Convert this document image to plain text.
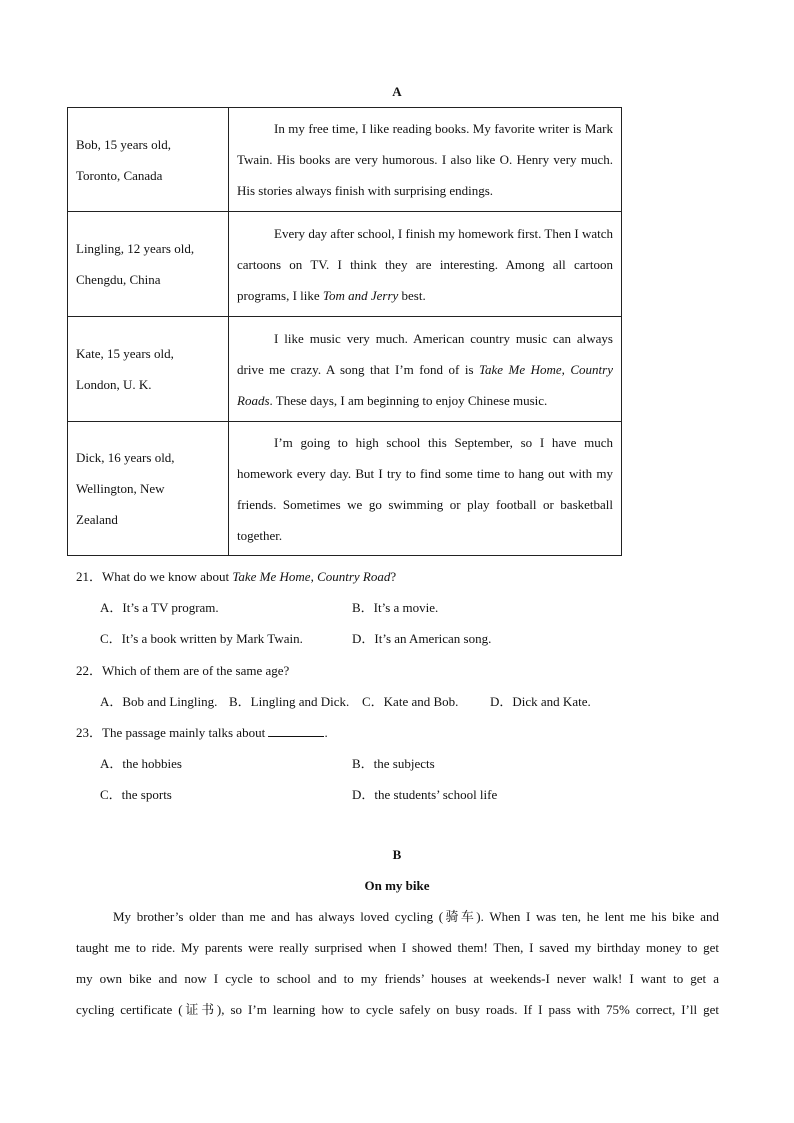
A
Bob, 15 years old,
Toronto, Canada	In my free time, I like reading books. My favorite writer is Mark Twain. His books are very humorous. I also like O. Henry very much. His stories always finish with surprising endings.

Lingling, 12 years old,
Chengdu, China	Every day after school, I finish my homework first. Then I watch cartoons on TV. I think they are interesting. Among all cartoon programs, I like Tom and Jerry best.

Kate, 15 years old,
London, U. K.	I like music very much. American country music can always drive me crazy. A song that I’m fond of is Take Me Home, Country Roads. These days, I am beginning to enjoy Chinese music.

Dick, 16 years old,
Wellington, New
Zealand	I’m going to high school this September, so I have much homework every day. But I try to find some time to hang out with my friends. Sometimes we go swimming or play football or basketball together.
21．What do we know about Take Me Home, Country Road?
A．It’s a TV program.	B．It’s a movie.
C．It’s a book written by Mark Twain.	D．It’s an American song.
22．Which of them are of the same age?
A．Bob and Lingling. B．Lingling and Dick. C．Kate and Bob. D．Dick and Kate.
23．The passage mainly talks about	.
A．the hobbies	B．the subjects
C．the sports	D．the students’ school life
B
On my bike
My brother’s older than me and has always loved cycling (骑车). When I was ten, he lent me his bike and
taught me to ride. My parents were really surprised when I showed them! Then, I saved my birthday money to get
my own bike and now I cycle to school and to my friends’ houses at weekends-I never walk! I want to get a
cycling certificate (证书), so I’m learning how to cycle safely on busy roads. If I pass with 75% correct, I’ll get
